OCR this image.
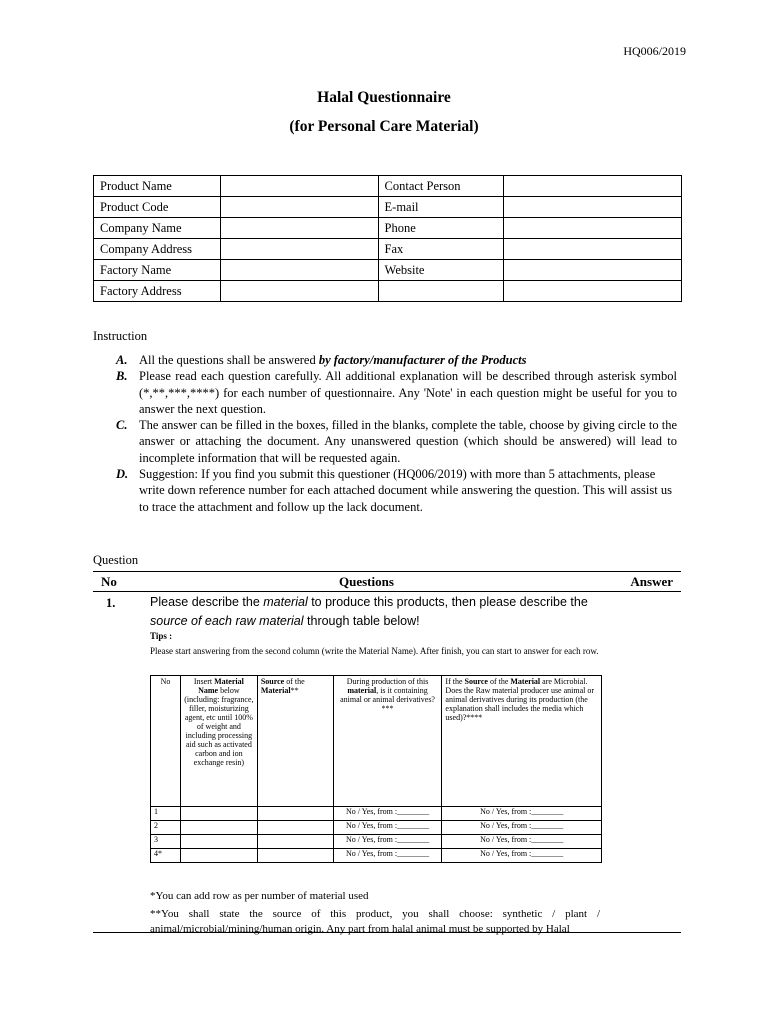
HQ006/2019
Halal Questionnaire
(for Personal Care Material)
Product Name		Contact Person	
Product Code		E-mail	
Company Name		Phone	
Company Address		Fax	
Factory Name		Website	
Factory Address			
Instruction
A. All the questions shall be answered by factory/manufacturer of the Products
B. Please read each question carefully. All additional explanation will be described through asterisk symbol (*,**,***,****) for each number of questionnaire. Any 'Note' in each question might be useful for you to answer the next question.
C. The answer can be filled in the boxes, filled in the blanks, complete the table, choose by giving circle to the answer or attaching the document. Any unanswered question (which should be answered) will lead to incomplete information that will be requested again.
D. Suggestion: If you find you submit this questioner (HQ006/2019) with more than 5 attachments, please write down reference number for each attached document while answering the question. This will assist us to trace the attachment and follow up the lack document.
Question
No	Questions	Answer
1.	Please describe the material to produce this products, then please describe the source of each raw material through table below!
Tips :
Please start answering from the second column (write the Material Name). After finish, you can start to answer for each row.
No	Insert Material Name below (including: fragrance, filler, moisturizing agent, etc until 100% of weight and including processing aid such as activated carbon and ion exchange resin)	Source of the Material**	During production of this material, is it containing animal or animal derivatives? ***	If the Source of the Material are Microbial. Does the Raw material producer use animal or animal derivatives during its production (the explanation shall includes the media which used)?****
1			No / Yes, from :________	No / Yes, from :________
2			No / Yes, from :________	No / Yes, from :________
3			No / Yes, from :________	No / Yes, from :________
4*			No / Yes, from :________	No / Yes, from :________
*You can add row as per number of material used
**You shall state the source of this product, you shall choose: synthetic / plant / animal/microbial/mining/human origin. Any part from halal animal must be supported by Halal
